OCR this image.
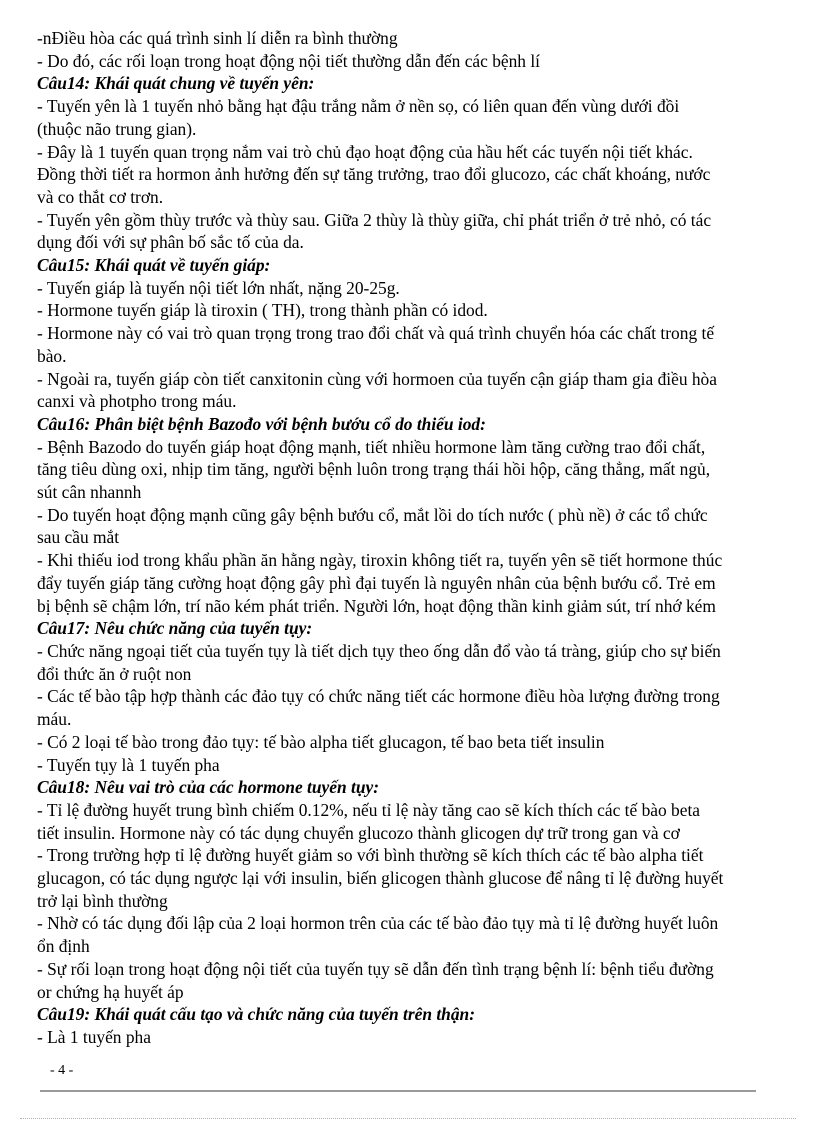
-nĐiều hòa các quá trình sinh lí diễn ra bình thường
- Do đó, các rối loạn trong hoạt động nội tiết thường dẫn đến các bệnh lí
Câu14: Khái quát chung về tuyến yên:
- Tuyến yên là 1 tuyến nhỏ bằng hạt đậu trắng nằm ở nền sọ, có liên quan đến vùng dưới đồi
(thuộc não trung gian).
- Đây là 1 tuyến quan trọng nắm vai trò chủ đạo hoạt động của hầu hết các tuyến nội tiết khác.
Đồng thời tiết ra hormon ảnh hưởng đến sự tăng trưởng, trao đổi glucozo, các chất khoáng, nước
và co thắt cơ trơn.
- Tuyến yên gồm thùy trước và thùy sau. Giữa 2 thùy là thùy giữa, chỉ phát triển ở trẻ nhỏ, có tác
dụng đối với sự phân bố sắc tố của da.
Câu15: Khái quát về tuyến giáp:
- Tuyến giáp là tuyến nội tiết lớn nhất, nặng 20-25g.
- Hormone tuyến giáp là tiroxin ( TH), trong thành phần có idod.
- Hormone này có vai trò quan trọng trong trao đổi chất và quá trình chuyển hóa các chất trong tế
bào.
- Ngoài ra, tuyến giáp còn tiết canxitonin cùng với hormoen của tuyến cận giáp tham gia điều hòa
canxi và photpho trong máu.
Câu16: Phân biệt bệnh Bazođo với bệnh bướu cổ do thiếu iod:
- Bệnh Bazodo do tuyến giáp hoạt động mạnh, tiết nhiều hormone làm tăng cường trao đổi chất,
tăng tiêu dùng oxi, nhịp tim tăng, người bệnh luôn trong trạng thái hồi hộp, căng thẳng, mất ngủ,
sút cân nhannh
- Do tuyến hoạt động mạnh cũng gây bệnh bướu cổ, mắt lồi do tích nước ( phù nề) ở các tổ chức
sau cầu mắt
- Khi thiếu iod trong khẩu phần ăn hằng ngày, tiroxin không tiết ra, tuyến yên sẽ tiết hormone thúc
đẩy tuyến giáp tăng cường hoạt động gây phì đại tuyến là nguyên nhân của bệnh bướu cổ. Trẻ em
bị bệnh sẽ chậm lớn, trí não kém phát triển. Người lớn, hoạt động thần kinh giảm sút, trí nhớ kém
Câu17: Nêu chức năng của tuyến tụy:
- Chức năng ngoại tiết của tuyến tụy là tiết dịch tụy theo ống dẫn đổ vào tá tràng, giúp cho sự biến
đổi thức ăn ở ruột non
- Các tế bào tập hợp thành các đảo tụy có chức năng tiết các hormone điều hòa lượng đường trong
máu.
- Có 2 loại tế bào trong đảo tụy: tế bào alpha tiết glucagon, tế bao beta tiết insulin
- Tuyến tụy là 1 tuyến pha
Câu18: Nêu vai trò của các hormone tuyến tụy:
- Tỉ lệ đường huyết trung bình chiếm 0.12%, nếu tỉ lệ này tăng cao sẽ kích thích các tế bào beta
tiết insulin. Hormone này có tác dụng chuyển glucozo thành glicogen dự trữ trong gan và cơ
- Trong trường hợp tỉ lệ đường huyết giảm so với bình thường sẽ kích thích các tế bào alpha tiết
glucagon, có tác dụng ngược lại với insulin, biến glicogen thành glucose để nâng tỉ lệ đường huyết
trở lại bình thường
- Nhờ có tác dụng đối lập của 2 loại hormon trên của các tế bào đảo tụy mà tỉ lệ đường huyết luôn
ổn định
- Sự rối loạn trong hoạt động nội tiết của tuyến tụy sẽ dẫn đến tình trạng bệnh lí: bệnh tiểu đường
or chứng hạ huyết áp
Câu19: Khái quát cấu tạo và chức năng của tuyến trên thận:
- Là 1 tuyến pha
- 4 -
